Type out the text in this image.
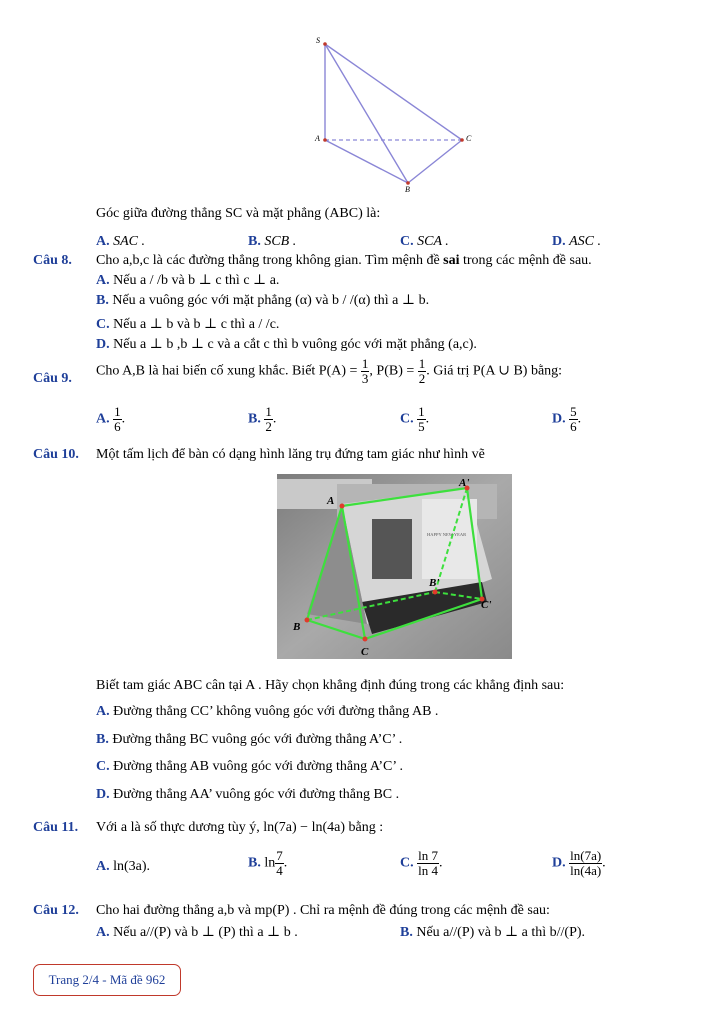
S
A	C
B
Góc giữa đường thẳng SC và mặt phẳng (ABC) là:
A. SAC .	B. SCB .	C. SCA .	D. ASC .
Câu 8. Cho a,b,c là các đường thẳng trong không gian. Tìm mệnh đề sai trong các mệnh đề sau.
A. Nếu a / /b và b ⊥ c thì c ⊥ a.
B. Nếu a vuông góc với mặt phẳng (α) và b / /(α) thì a ⊥ b.
C. Nếu a ⊥ b và b ⊥ c thì a / /c.
D. Nếu a ⊥ b ,b ⊥ c và a cắt c thì b vuông góc với mặt phẳng (a,c).
Câu 9. Cho A,B là hai biến cố xung khắc. Biết $P(A) = \frac{1}{3}$ , $P(B) = \frac{1}{2}$ . Giá trị P(A ∪ B) bằng:
A. $\frac{1}{6}$ .	B. $\frac{1}{2}$ .	C. $\frac{1}{5}$ .	D. $\frac{5}{6}$ .
Câu 10. Một tấm lịch để bàn có dạng hình lăng trụ đứng tam giác như hình vẽ
HAPPY NEW YEAR
A
A'
B
B'
C
C'
Biết tam giác ABC cân tại A . Hãy chọn khẳng định đúng trong các khẳng định sau:
A. Đường thẳng CC’ không vuông góc với đường thẳng AB .
B. Đường thẳng BC vuông góc với đường thẳng A’C’ .
C. Đường thẳng AB vuông góc với đường thẳng A’C’ .
D. Đường thẳng AA’ vuông góc với đường thẳng BC .
Câu 11. Với a là số thực dương tùy ý, ln(7a) − ln(4a) bằng :
A. ln(3a).	B. $\ln \frac{7}{4}$ .	C. $\frac{\ln 7}{\ln 4}$ .	D. $\frac{\ln(7a)}{\ln(4a)}$ .
Câu 12. Cho hai đường thẳng a,b và mp(P) . Chỉ ra mệnh đề đúng trong các mệnh đề sau:
A. Nếu a//(P) và b ⊥ (P) thì a ⊥ b .	B. Nếu a//(P) và b ⊥ a thì b//(P).
Trang 2/4 - Mã đề 962
